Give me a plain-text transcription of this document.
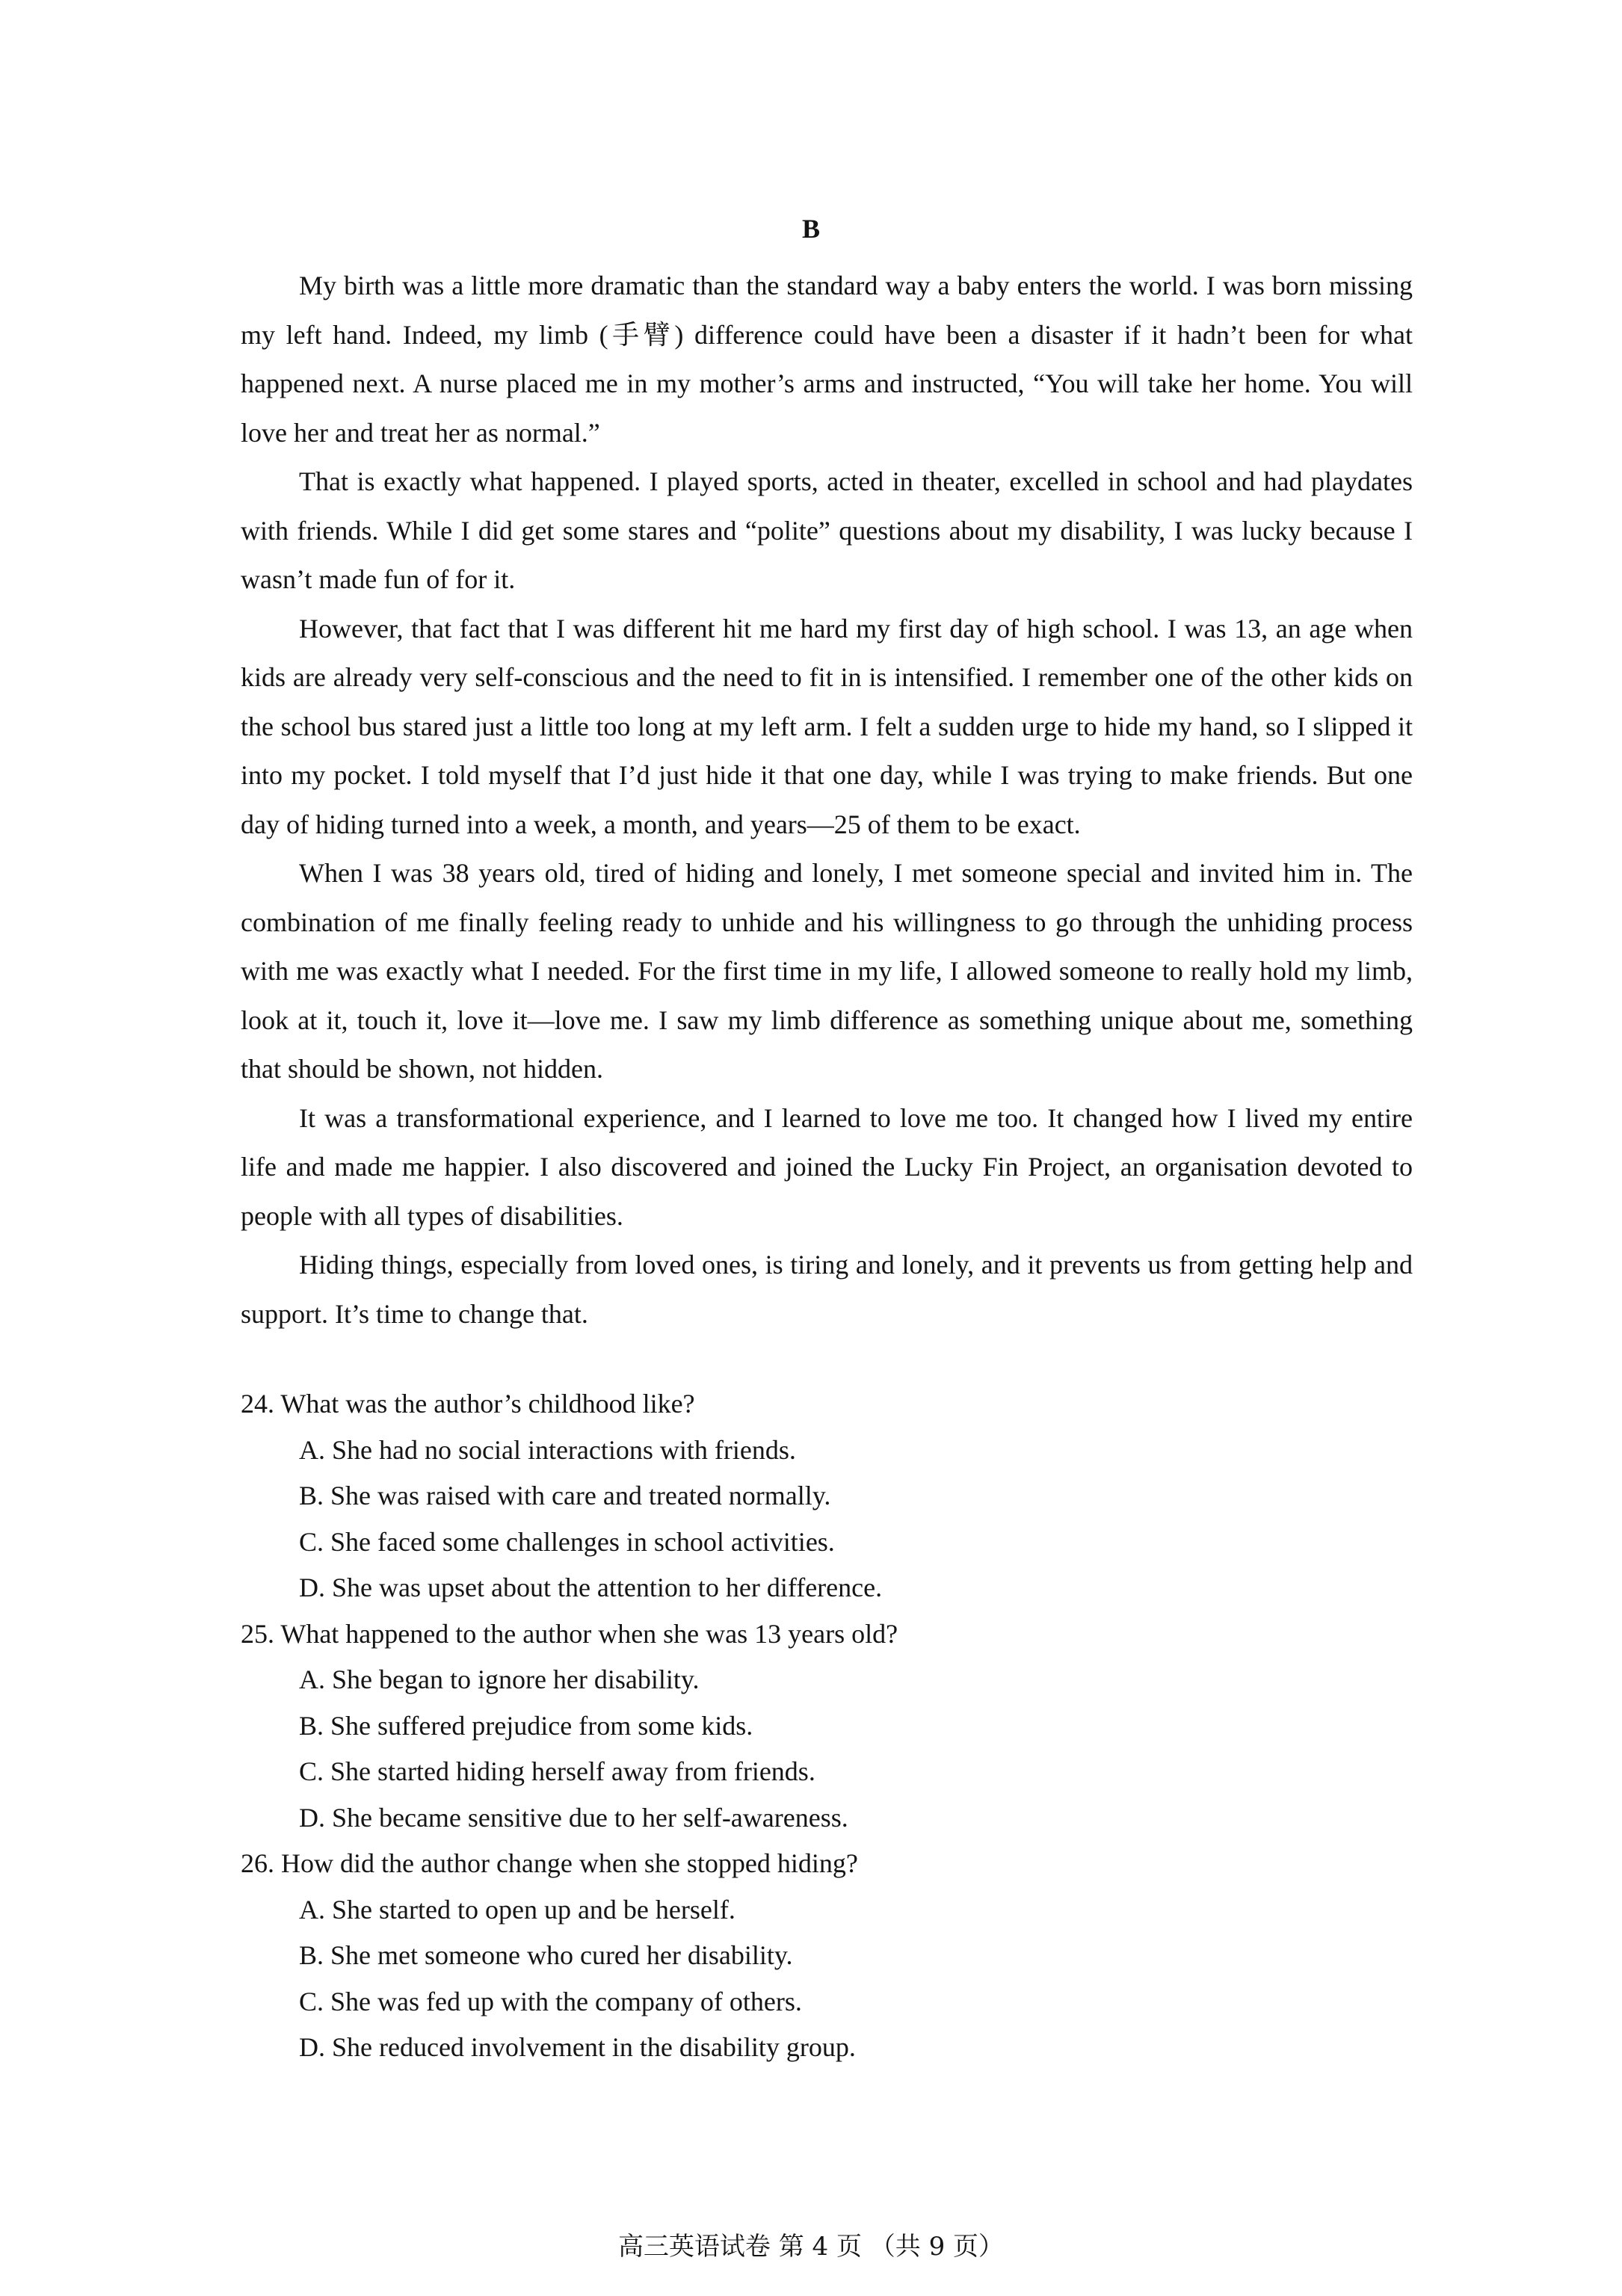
B

My birth was a little more dramatic than the standard way a baby enters the world. I was born missing my left hand. Indeed, my limb (手臂) difference could have been a disaster if it hadn’t been for what happened next. A nurse placed me in my mother’s arms and instructed, “You will take her home. You will love her and treat her as normal.”

That is exactly what happened. I played sports, acted in theater, excelled in school and had playdates with friends. While I did get some stares and “polite” questions about my disability, I was lucky because I wasn’t made fun of for it.

However, that fact that I was different hit me hard my first day of high school. I was 13, an age when kids are already very self-conscious and the need to fit in is intensified. I remember one of the other kids on the school bus stared just a little too long at my left arm. I felt a sudden urge to hide my hand, so I slipped it into my pocket. I told myself that I’d just hide it that one day, while I was trying to make friends. But one day of hiding turned into a week, a month, and years—25 of them to be exact.

When I was 38 years old, tired of hiding and lonely, I met someone special and invited him in. The combination of me finally feeling ready to unhide and his willingness to go through the unhiding process with me was exactly what I needed. For the first time in my life, I allowed someone to really hold my limb, look at it, touch it, love it—love me. I saw my limb difference as something unique about me, something that should be shown, not hidden.

It was a transformational experience, and I learned to love me too. It changed how I lived my entire life and made me happier. I also discovered and joined the Lucky Fin Project, an organisation devoted to people with all types of disabilities.

Hiding things, especially from loved ones, is tiring and lonely, and it prevents us from getting help and support. It’s time to change that.

24. What was the author’s childhood like?

A. She had no social interactions with friends.

B. She was raised with care and treated normally.

C. She faced some challenges in school activities.

D. She was upset about the attention to her difference.

25. What happened to the author when she was 13 years old?

A. She began to ignore her disability.

B. She suffered prejudice from some kids.

C. She started hiding herself away from friends.

D. She became sensitive due to her self-awareness.

26. How did the author change when she stopped hiding?

A. She started to open up and be herself.

B. She met someone who cured her disability.

C. She was fed up with the company of others.

D. She reduced involvement in the disability group.

高三英语试卷 第 4 页 （共 9 页）
